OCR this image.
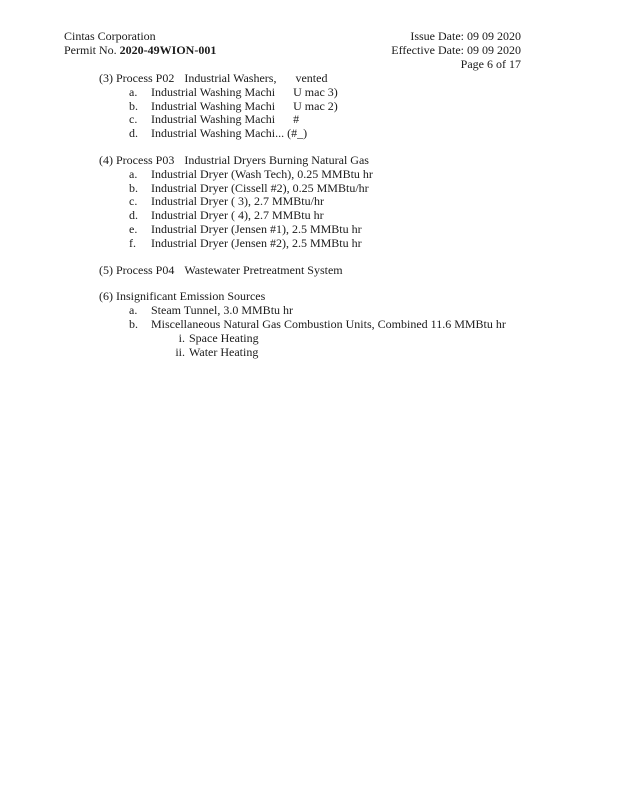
Cintas Corporation
Permit No. 2020-49WION-001
Issue Date: 09 09 2020
Effective Date: 09 09 2020
Page 6 of 17
(3) Process P02 Industrial Washers,     vented
a.	Industrial Washing Machi U mac 3)
b.	Industrial Washing Machi U mac 2)
c.	Industrial Washing Machi #
d.	Industrial Washing Machi... (#_)
(4) Process P03 Industrial Dryers Burning Natural Gas
a.	Industrial Dryer (Wash Tech), 0.25 MMBtu hr
b.	Industrial Dryer (Cissell #2), 0.25 MMBtu/hr
c.	Industrial Dryer ( 3), 2.7 MMBtu/hr
d.	Industrial Dryer ( 4), 2.7 MMBtu hr
e.	Industrial Dryer (Jensen #1), 2.5 MMBtu hr
f.	Industrial Dryer (Jensen #2), 2.5 MMBtu hr
(5) Process P04 Wastewater Pretreatment System
(6) Insignificant Emission Sources
a.	Steam Tunnel, 3.0 MMBtu hr
b.	Miscellaneous Natural Gas Combustion Units, Combined 11.6 MMBtu hr
i. Space Heating
ii. Water Heating
